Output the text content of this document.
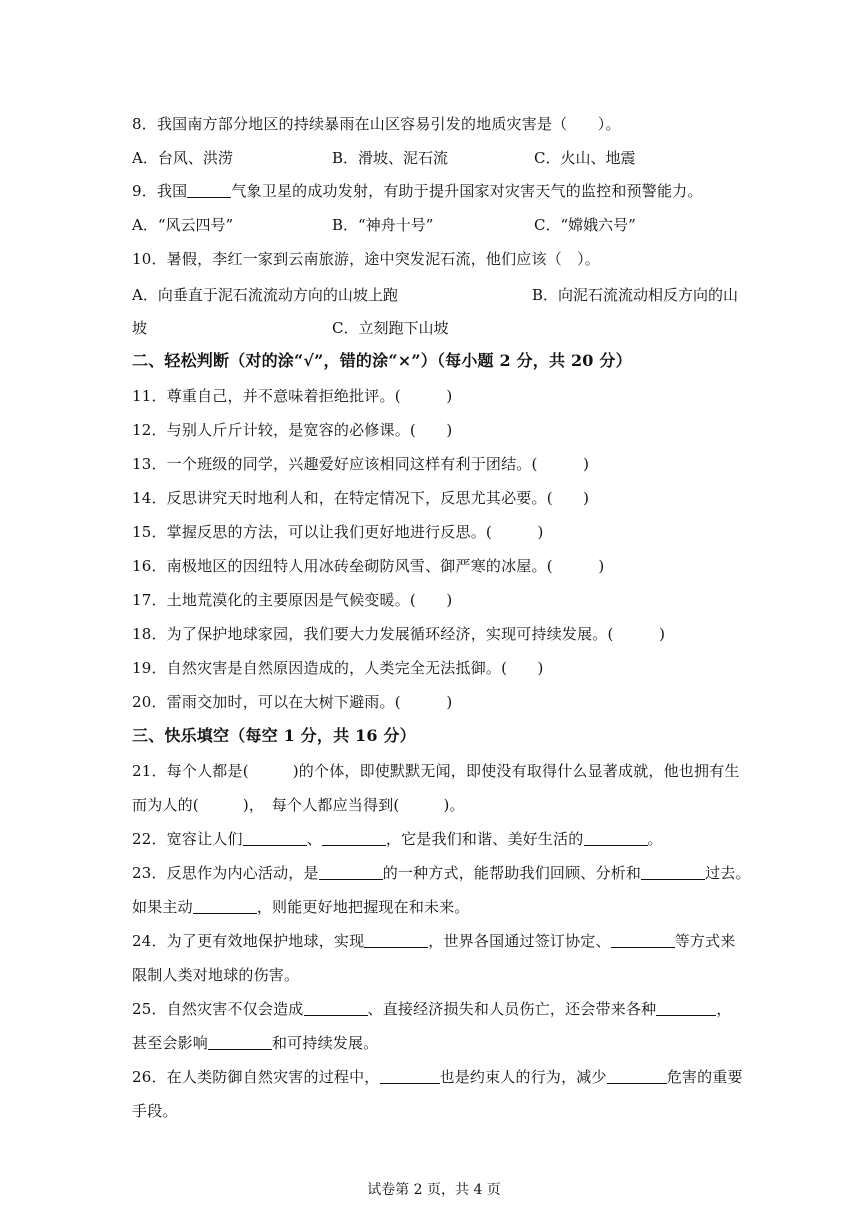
8．我国南方部分地区的持续暴雨在山区容易引发的地质灾害是（　　）。
A．台风、洪涝	B．滑坡、泥石流	C．火山、地震
9．我国	气象卫星的成功发射，有助于提升国家对灾害天气的监控和预警能力。
A．“风云四号”	B．“神舟十号”	C．“嫦娥六号”
10．暑假，李红一家到云南旅游，途中突发泥石流，他们应该（　）。
A．向垂直于泥石流流动方向的山坡上跑	B．向泥石流流动相反方向的山
坡	C．立刻跑下山坡
二、轻松判断（对的涂“√”，错的涂“×”）（每小题 2 分，共 20 分）
11．尊重自己，并不意味着拒绝批评。(　　　)
12．与别人斤斤计较，是宽容的必修课。(　　)
13．一个班级的同学，兴趣爱好应该相同这样有利于团结。(　　　)
14．反思讲究天时地利人和，在特定情况下，反思尤其必要。(　　)
15．掌握反思的方法，可以让我们更好地进行反思。(　　　)
16．南极地区的因纽特人用冰砖垒砌防风雪、御严寒的冰屋。(　　　)
17．土地荒漠化的主要原因是气候变暖。(　　)
18．为了保护地球家园，我们要大力发展循环经济，实现可持续发展。(　　　)
19．自然灾害是自然原因造成的，人类完全无法抵御。(　　)
20．雷雨交加时，可以在大树下避雨。(　　　)
三、快乐填空（每空 1 分，共 16 分）
21．每个人都是(	)的个体，即使默默无闻，即使没有取得什么显著成就，他也拥有生
而为人的(	)，　每个人都应当得到(	)。
22．宽容让人们	、	，它是我们和谐、美好生活的	。
23．反思作为内心活动，是	的一种方式，能帮助我们回顾、分析和	过去。
如果主动	，则能更好地把握现在和未来。
24．为了更有效地保护地球，实现	，世界各国通过签订协定、	等方式来
限制人类对地球的伤害。
25．自然灾害不仅会造成	、直接经济损失和人员伤亡，还会带来各种	，
甚至会影响	和可持续发展。
26．在人类防御自然灾害的过程中，	也是约束人的行为，减少	危害的重要
手段。
试卷第 2 页，共 4 页
